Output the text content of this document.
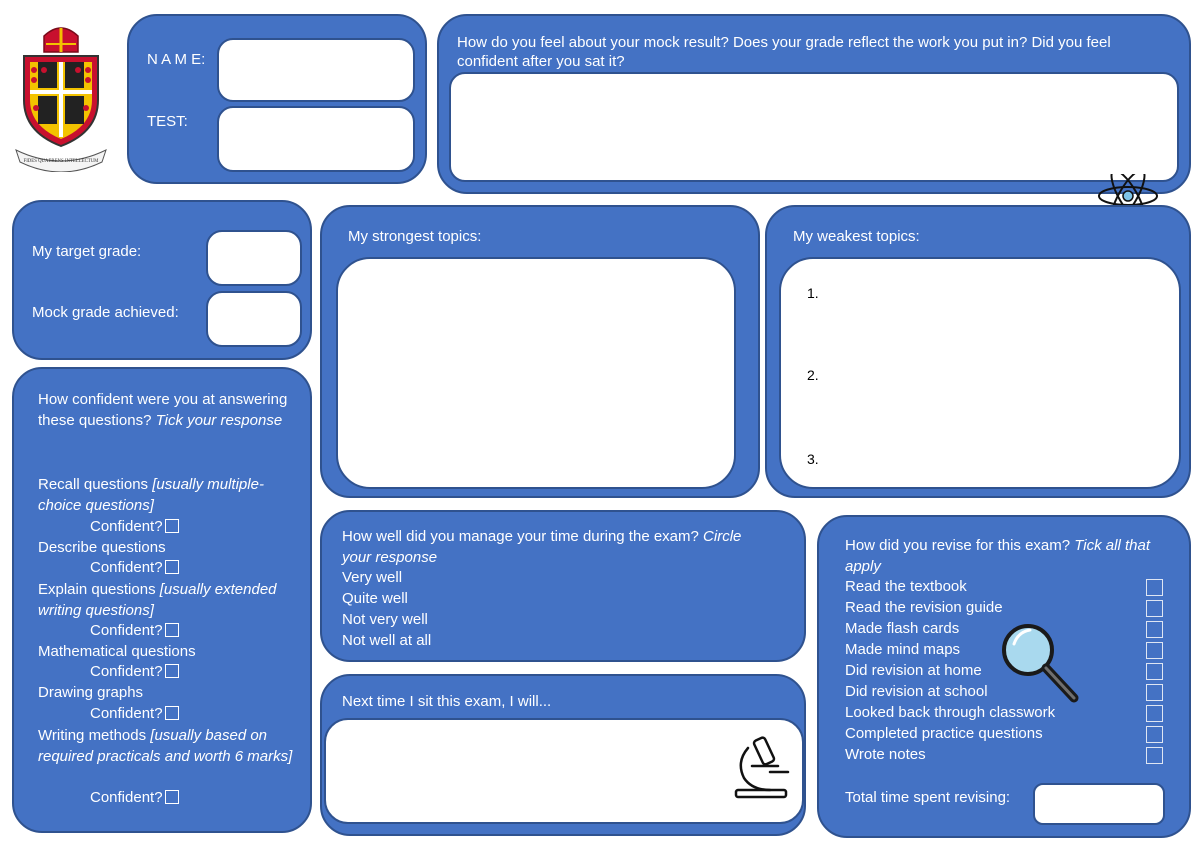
FIDES QUAERENS INTELLECTUM
N A M E:
TEST:
How do you feel about your mock result? Does your grade reflect the work you put in? Did you feel confident after you sat it?
My target grade:
Mock grade achieved:
My strongest topics:	My weakest topics:
1.
2.
3.
How confident were you at answering these questions? Tick your response
Recall questions [usually multiple-choice questions]
Confident?
Describe questions
Confident?
Explain questions [usually extended writing questions]
Confident?
Mathematical questions
Confident?
Drawing graphs
Confident?
Writing methods [usually based on required practicals and worth 6 marks]
Confident?
How well did you manage your time during the exam? Circle your response
Very well
Quite well
Not very well
Not well at all
Next time I sit this exam, I will...
How did you revise for this exam? Tick all that apply
Read the textbook
Read the revision guide
Made flash cards
Made mind maps
Did revision at home
Did revision at school
Looked back through classwork
Completed practice questions
Wrote notes
Total time spent revising:
